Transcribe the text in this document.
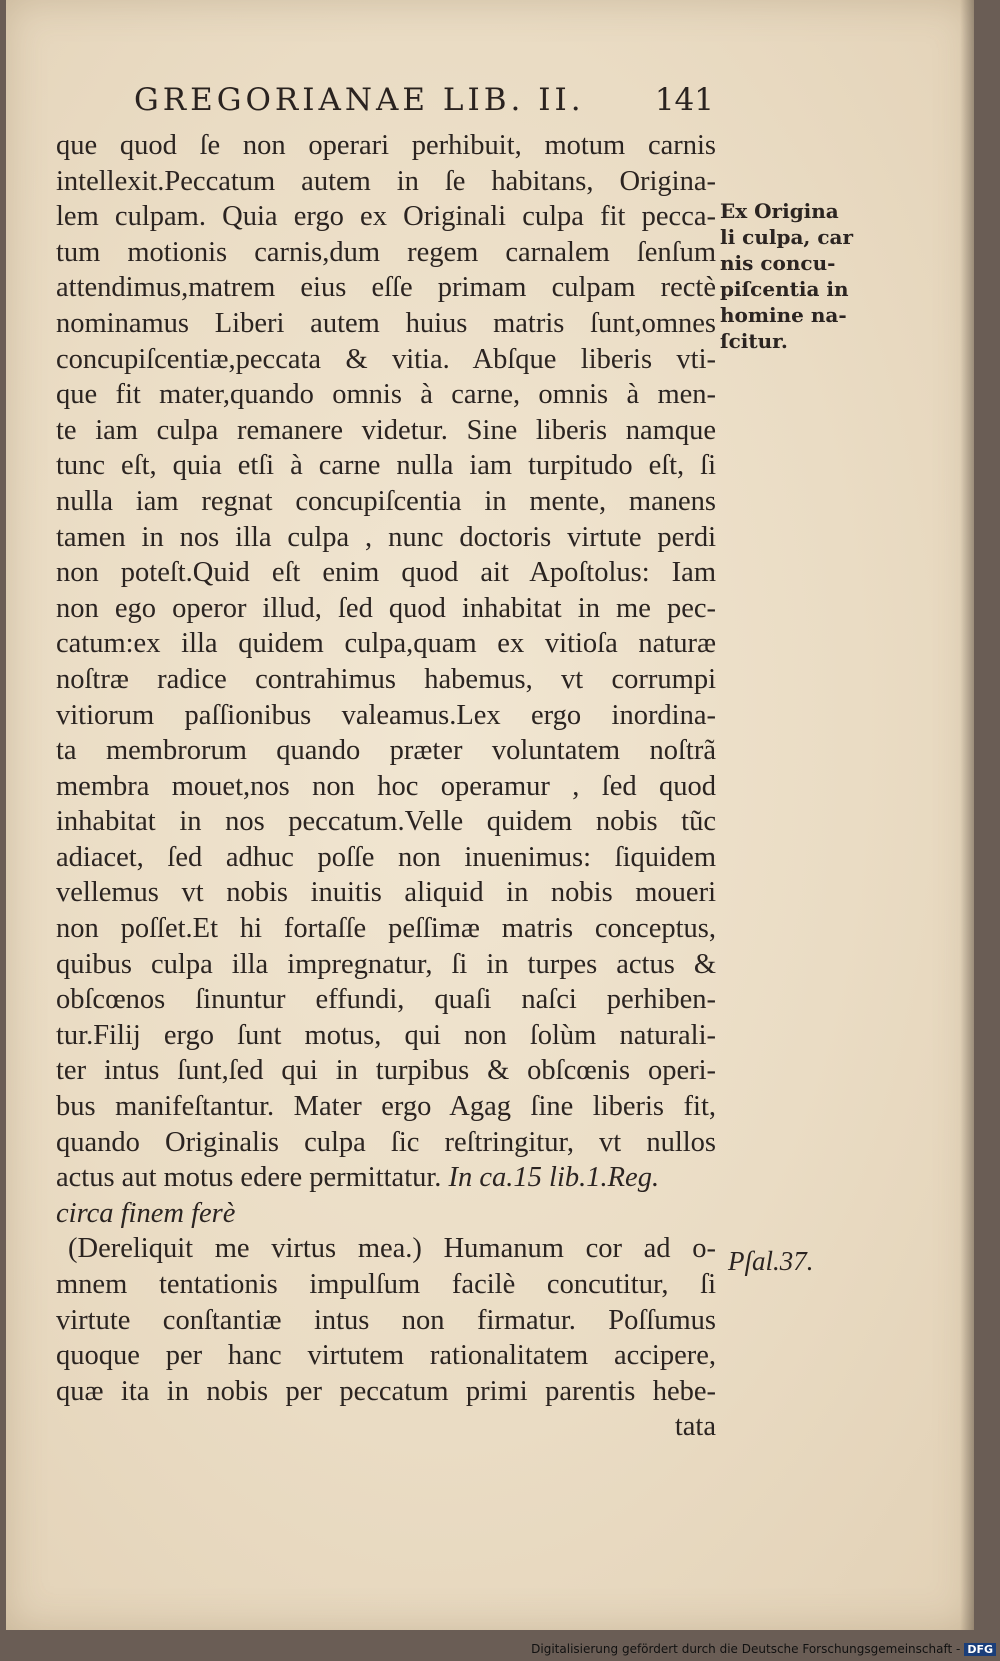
GREGORIANAE LIB. II. 141
que quod ſe non operari perhibuit, motum carnis
intellexit.Peccatum autem in ſe habitans, Origina-
lem culpam. Quia ergo ex Originali culpa fit pecca-
tum motionis carnis,dum regem carnalem ſenſum
attendimus,matrem eius eſſe primam culpam rectè
nominamus Liberi autem huius matris ſunt,omnes
concupiſcentiæ,peccata & vitia. Abſque liberis vti-
que fit mater,quando omnis à carne, omnis à men-
te iam culpa remanere videtur. Sine liberis namque
tunc eſt, quia etſi à carne nulla iam turpitudo eſt, ſi
nulla iam regnat concupiſcentia in mente, manens
tamen in nos illa culpa , nunc doctoris virtute perdi
non poteſt.Quid eſt enim quod ait Apoſtolus: Iam
non ego operor illud, ſed quod inhabitat in me pec-
catum:ex illa quidem culpa,quam ex vitioſa naturæ
noſtræ radice contrahimus habemus, vt corrumpi
vitiorum paſſionibus valeamus.Lex ergo inordina-
ta membrorum quando præter voluntatem noſtrã
membra mouet,nos non hoc operamur , ſed quod
inhabitat in nos peccatum.Velle quidem nobis tũc
adiacet, ſed adhuc poſſe non inuenimus: ſiquidem
vellemus vt nobis inuitis aliquid in nobis moueri
non poſſet.Et hi fortaſſe peſſimæ matris conceptus,
quibus culpa illa impregnatur, ſi in turpes actus &
obſcœnos ſinuntur effundi, quaſi naſci perhiben-
tur.Filij ergo ſunt motus, qui non ſolùm naturali-
ter intus ſunt,ſed qui in turpibus & obſcœnis operi-
bus manifeſtantur. Mater ergo Agag ſine liberis fit,
quando Originalis culpa ſic reſtringitur, vt nullos
actus aut motus edere permittatur. In ca.15 lib.1.Reg.
circa finem ferè
(Dereliquit me virtus mea.) Humanum cor ad o-
mnem tentationis impulſum facilè concutitur, ſi
virtute conſtantiæ intus non firmatur. Poſſumus
quoque per hanc virtutem rationalitatem accipere,
quæ ita in nobis per peccatum primi parentis hebe-
tata
Ex Origina
li culpa, car
nis concu-
piſcentia in
homine na-
ſcitur.
Pſal.37.
Digitalisierung gefördert durch die Deutsche Forschungsgemeinschaft - DFG
